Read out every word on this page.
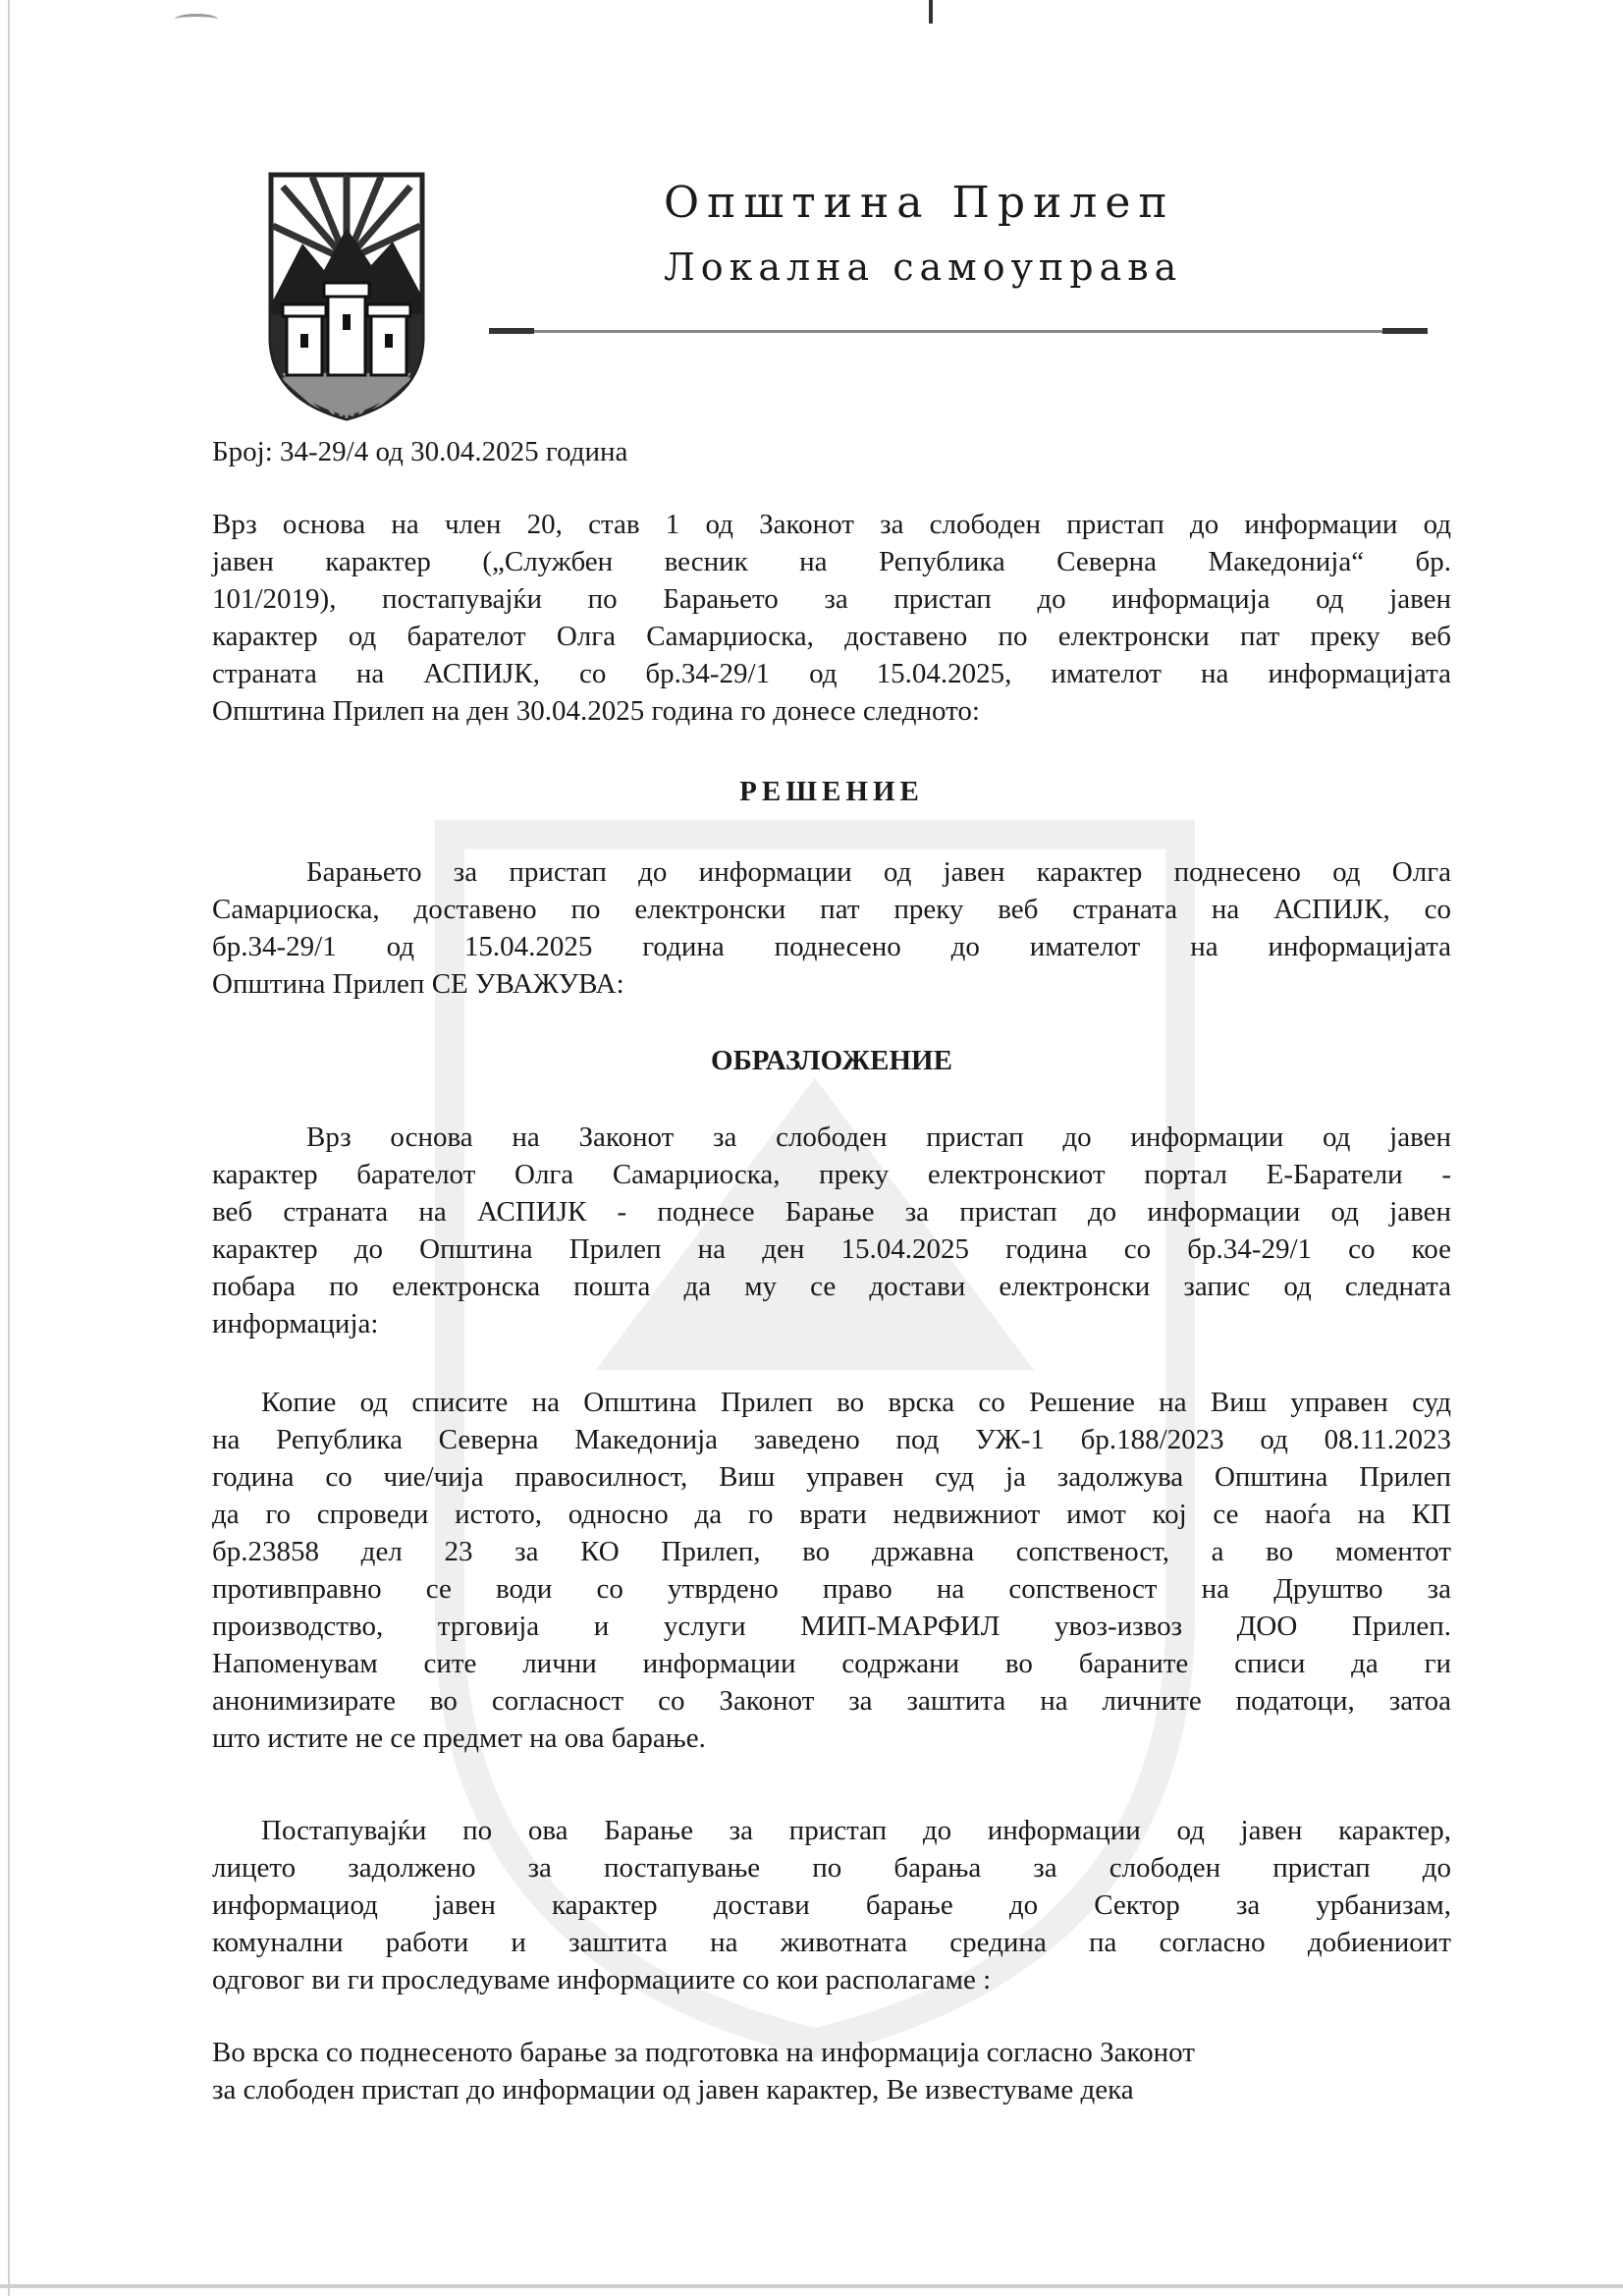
Општина Прилеп
Локална самоуправа
Број: 34-29/4 од 30.04.2025 година
Врз основа на член 20, став 1 од Законот за слободен пристап до информации од
јавен карактер („Службен весник на Република Северна Македонија“ бр.
101/2019), постапувајќи по Барањето за пристап до информација од јавен
карактер од барателот Олга Самарџиоска, доставено по електронски пат преку веб
страната на АСПИЈК, со бр.34-29/1 од 15.04.2025, имателот на информацијата
Општина Прилеп на ден 30.04.2025 година го донесе следното:
РЕШЕНИЕ
Барањето за пристап до информации од јавен карактер поднесено од Олга
Самарџиоска, доставено по електронски пат преку веб страната на АСПИЈК, со
бр.34-29/1 од 15.04.2025 година поднесено до имателот на информацијата
Општина Прилеп СЕ УВАЖУВА:
ОБРАЗЛОЖЕНИЕ
Врз основа на Законот за слободен пристап до информации од јавен
карактер барателот Олга Самарџиоска, преку електронскиот портал Е-Баратели -
веб страната на АСПИЈК - поднесе Барање за пристап до информации од јавен
карактер до Општина Прилеп на ден 15.04.2025 година со бр.34-29/1 со кое
побара по електронска пошта да му се достави електронски запис од следната
информација:
Копие од списите на Општина Прилеп во врска со Решение на Виш управен суд
на Република Северна Македонија заведено под УЖ-1 бр.188/2023 од 08.11.2023
година со чие/чија правосилност, Виш управен суд ја задолжува Општина Прилеп
да го спроведи истото, односно да го врати недвижниот имот кој се наоѓа на КП
бр.23858 дел 23 за КО Прилеп, во државна сопственост, а во моментот
противправно се води со утврдено право на сопственост на Друштво за
производство, трговија и услуги МИП-МАРФИЛ увоз-извоз ДОО Прилеп.
Напоменувам сите лични информации содржани во бараните списи да ги
анонимизирате во согласност со Законот за заштита на личните податоци, затоа
што истите не се предмет на ова барање.
Постапувајќи по ова Барање за пристап до информации од јавен карактер,
лицето задолжено за постапување по барања за слободен пристап до
информациод јавен карактер достави барање до Сектор за урбанизам,
комунални работи и заштита на животната средина па согласно добиениоит
одговог ви ги проследуваме информациите со кои располагаме :
Во врска со поднесеното барање за подготовка на информација согласно Законот
за слободен пристап до информации од јавен карактер, Ве известуваме дека
